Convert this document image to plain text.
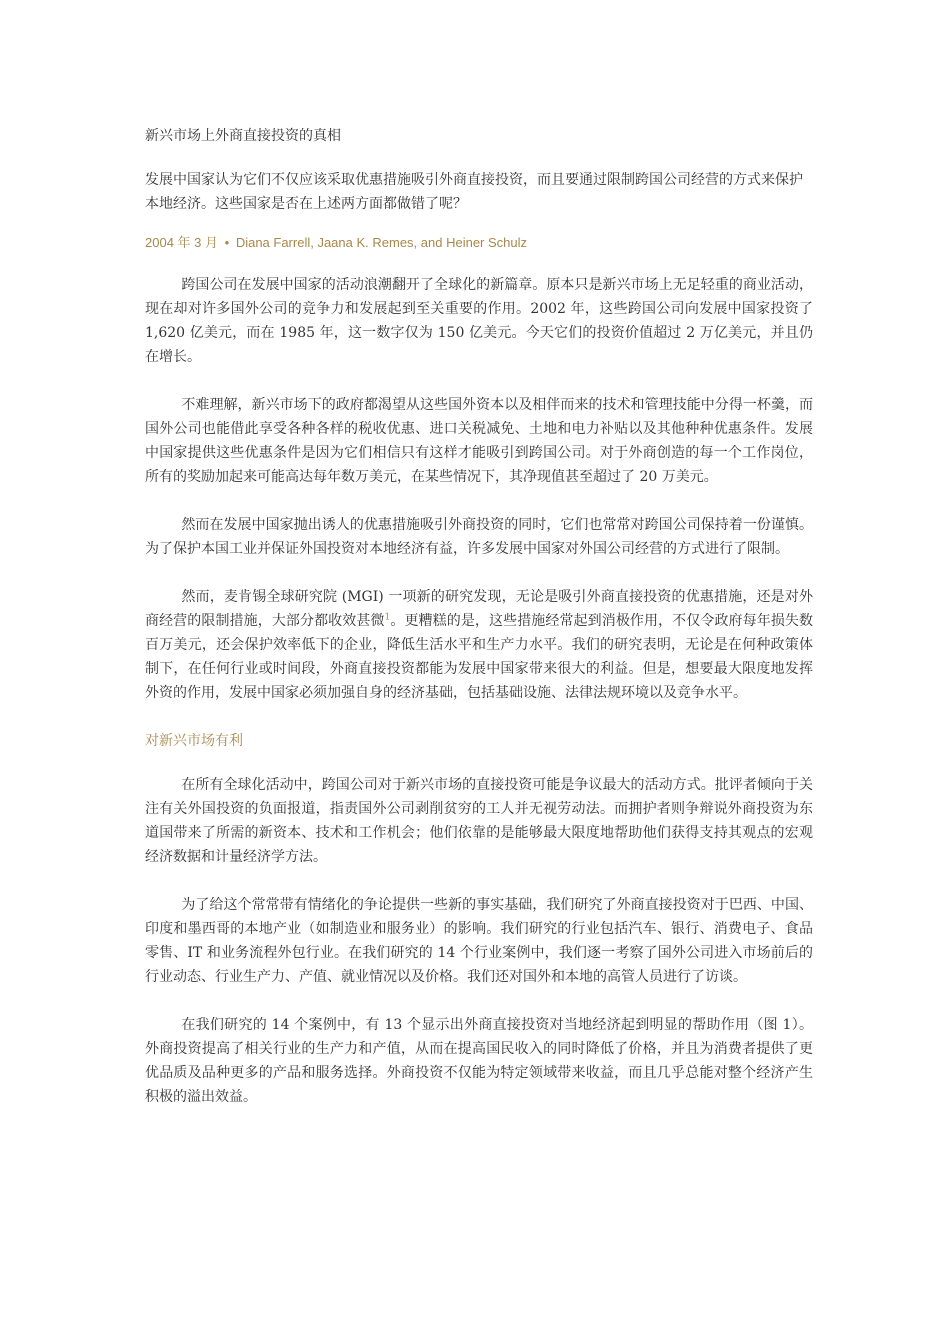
新兴市场上外商直接投资的真相

发展中国家认为它们不仅应该采取优惠措施吸引外商直接投资，而且要通过限制跨国公司经营的方式来保护本地经济。这些国家是否在上述两方面都做错了呢？

2004 年 3 月 • Diana Farrell, Jaana K. Remes, and Heiner Schulz

跨国公司在发展中国家的活动浪潮翻开了全球化的新篇章。原本只是新兴市场上无足轻重的商业活动，现在却对许多国外公司的竞争力和发展起到至关重要的作用。2002 年，这些跨国公司向发展中国家投资了 1,620 亿美元，而在 1985 年，这一数字仅为 150 亿美元。今天它们的投资价值超过 2 万亿美元，并且仍在增长。

不难理解，新兴市场下的政府都渴望从这些国外资本以及相伴而来的技术和管理技能中分得一杯羹，而国外公司也能借此享受各种各样的税收优惠、进口关税减免、土地和电力补贴以及其他种种优惠条件。发展中国家提供这些优惠条件是因为它们相信只有这样才能吸引到跨国公司。对于外商创造的每一个工作岗位，所有的奖励加起来可能高达每年数万美元，在某些情况下，其净现值甚至超过了 20 万美元。

然而在发展中国家抛出诱人的优惠措施吸引外商投资的同时，它们也常常对跨国公司保持着一份谨慎。为了保护本国工业并保证外国投资对本地经济有益，许多发展中国家对外国公司经营的方式进行了限制。

然而，麦肯锡全球研究院 (MGI) 一项新的研究发现，无论是吸引外商直接投资的优惠措施，还是对外商经营的限制措施，大部分都收效甚微$^1$。更糟糕的是，这些措施经常起到消极作用，不仅令政府每年损失数百万美元，还会保护效率低下的企业，降低生活水平和生产力水平。我们的研究表明，无论是在何种政策体制下，在任何行业或时间段，外商直接投资都能为发展中国家带来很大的利益。但是，想要最大限度地发挥外资的作用，发展中国家必须加强自身的经济基础，包括基础设施、法律法规环境以及竞争水平。

对新兴市场有利

在所有全球化活动中，跨国公司对于新兴市场的直接投资可能是争议最大的活动方式。批评者倾向于关注有关外国投资的负面报道，指责国外公司剥削贫穷的工人并无视劳动法。而拥护者则争辩说外商投资为东道国带来了所需的新资本、技术和工作机会；他们依靠的是能够最大限度地帮助他们获得支持其观点的宏观经济数据和计量经济学方法。

为了给这个常常带有情绪化的争论提供一些新的事实基础，我们研究了外商直接投资对于巴西、中国、印度和墨西哥的本地产业（如制造业和服务业）的影响。我们研究的行业包括汽车、银行、消费电子、食品零售、IT 和业务流程外包行业。在我们研究的 14 个行业案例中，我们逐一考察了国外公司进入市场前后的行业动态、行业生产力、产值、就业情况以及价格。我们还对国外和本地的高管人员进行了访谈。

在我们研究的 14 个案例中，有 13 个显示出外商直接投资对当地经济起到明显的帮助作用（图 1）。外商投资提高了相关行业的生产力和产值，从而在提高国民收入的同时降低了价格，并且为消费者提供了更优品质及品种更多的产品和服务选择。外商投资不仅能为特定领域带来收益，而且几乎总能对整个经济产生积极的溢出效益。
